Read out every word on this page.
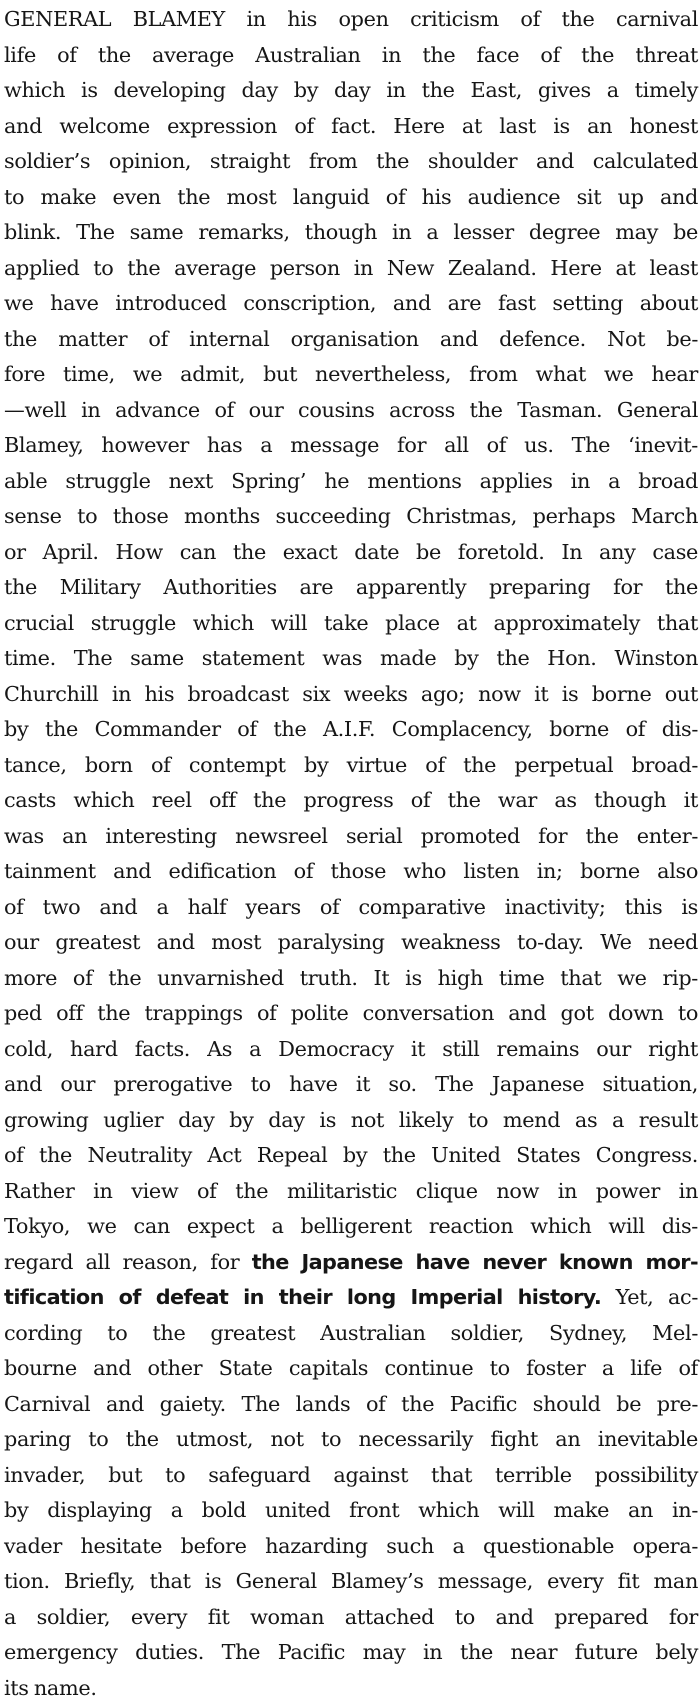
GENERAL BLAMEY in his open criticism of the carnival
life of the average Australian in the face of the threat
which is developing day by day in the East, gives a timely
and welcome expression of fact. Here at last is an honest
soldier’s opinion, straight from the shoulder and calculated
to make even the most languid of his audience sit up and
blink. The same remarks, though in a lesser degree may be
applied to the average person in New Zealand. Here at least
we have introduced conscription, and are fast setting about
the matter of internal organisation and defence. Not be-
fore time, we admit, but nevertheless, from what we hear
—well in advance of our cousins across the Tasman. General
Blamey, however has a message for all of us. The ‘inevit-
able struggle next Spring’ he mentions applies in a broad
sense to those months succeeding Christmas, perhaps March
or April. How can the exact date be foretold. In any case
the Military Authorities are apparently preparing for the
crucial struggle which will take place at approximately that
time. The same statement was made by the Hon. Winston
Churchill in his broadcast six weeks ago; now it is borne out
by the Commander of the A.I.F. Complacency, borne of dis-
tance, born of contempt by virtue of the perpetual broad-
casts which reel off the progress of the war as though it
was an interesting newsreel serial promoted for the enter-
tainment and edification of those who listen in; borne also
of two and a half years of comparative inactivity; this is
our greatest and most paralysing weakness to-day. We need
more of the unvarnished truth. It is high time that we rip-
ped off the trappings of polite conversation and got down to
cold, hard facts. As a Democracy it still remains our right
and our prerogative to have it so. The Japanese situation,
growing uglier day by day is not likely to mend as a result
of the Neutrality Act Repeal by the United States Congress.
Rather in view of the militaristic clique now in power in
Tokyo, we can expect a belligerent reaction which will dis-
regard all reason, for the Japanese have never known mor-
tification of defeat in their long Imperial history. Yet, ac-
cording to the greatest Australian soldier, Sydney, Mel-
bourne and other State capitals continue to foster a life of
Carnival and gaiety. The lands of the Pacific should be pre-
paring to the utmost, not to necessarily fight an inevitable
invader, but to safeguard against that terrible possibility
by displaying a bold united front which will make an in-
vader hesitate before hazarding such a questionable opera-
tion. Briefly, that is General Blamey’s message, every fit man
a soldier, every fit woman attached to and prepared for
emergency duties. The Pacific may in the near future bely
its name.
